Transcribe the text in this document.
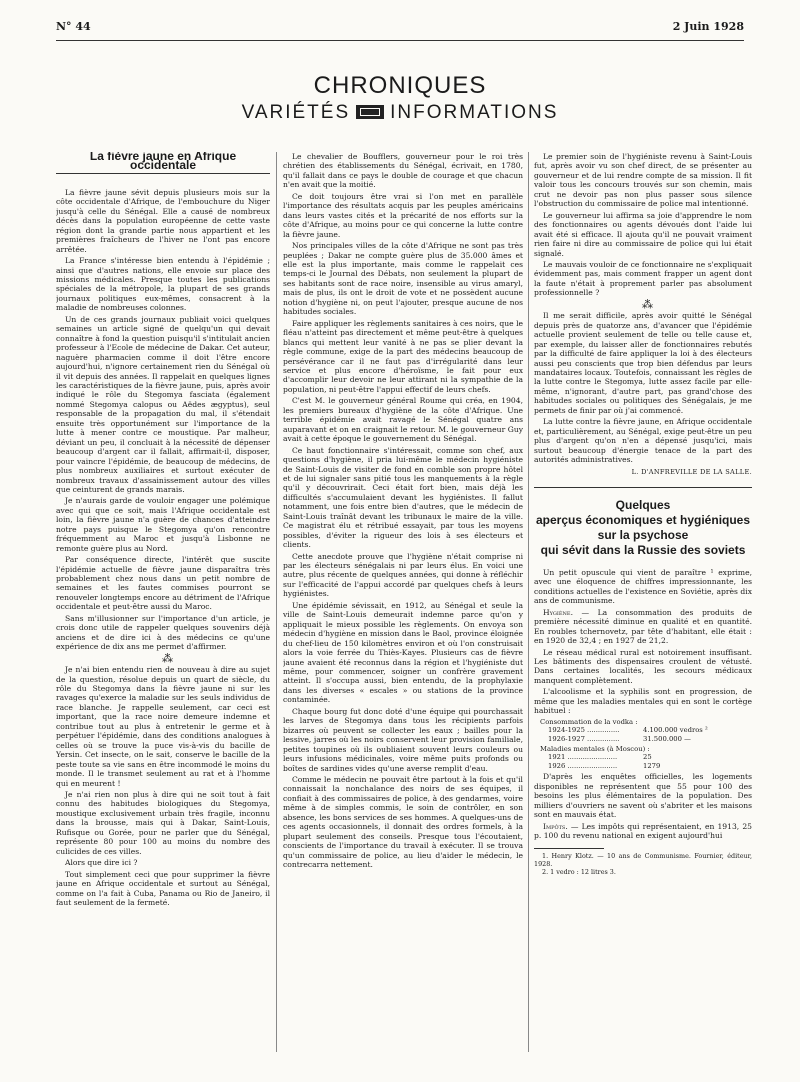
N° 44	2 Juin 1928
CHRONIQUES
VARIÉTÉS INFORMATIONS

La fièvre jaune en Afrique occidentale

La fièvre jaune sévit depuis plusieurs mois sur la côte occidentale d'Afrique, de l'embouchure du Niger jusqu'à celle du Sénégal. Elle a causé de nombreux décès dans la population européenne de cette vaste région dont la grande partie nous appartient et les premières fraîcheurs de l'hiver ne l'ont pas encore arrêtée.

La France s'intéresse bien entendu à l'épidémie ; ainsi que d'autres nations, elle envoie sur place des missions médicales. Presque toutes les publications spéciales de la métropole, la plupart de ses grands journaux politiques eux-mêmes, consacrent à la maladie de nombreuses colonnes.

Un de ces grands journaux publiait voici quelques semaines un article signé de quelqu'un qui devait connaître à fond la question puisqu'il s'intitulait ancien professeur à l'Ecole de médecine de Dakar. Cet auteur, naguère pharmacien comme il doit l'être encore aujourd'hui, n'ignore certainement rien du Sénégal où il vit depuis des années. Il rappelait en quelques lignes les caractéristiques de la fièvre jaune, puis, après avoir indiqué le rôle du Stegomya fasciata (également nommé Stegomya calopus ou Aëdes ægyptus), seul responsable de la propagation du mal, il s'étendait ensuite très opportunément sur l'importance de la lutte à mener contre ce moustique. Par malheur, déviant un peu, il concluait à la nécessité de dépenser beaucoup d'argent car il fallait, affirmait-il, disposer, pour vaincre l'épidémie, de beaucoup de médecins, de plus nombreux auxiliaires et surtout exécuter de nombreux travaux d'assainissement autour des villes que ceinturent de grands marais.

Je n'aurais garde de vouloir engager une polémique avec qui que ce soit, mais l'Afrique occidentale est loin, la fièvre jaune n'a guère de chances d'atteindre notre pays puisque le Stegomya qu'on rencontre fréquemment au Maroc et jusqu'à Lisbonne ne remonte guère plus au Nord.

Par conséquence directe, l'intérêt que suscite l'épidémie actuelle de fièvre jaune disparaîtra très probablement chez nous dans un petit nombre de semaines et les fautes commises pourront se renouveler longtemps encore au détriment de l'Afrique occidentale et peut-être aussi du Maroc.

Sans m'illusionner sur l'importance d'un article, je crois donc utile de rappeler quelques souvenirs déjà anciens et de dire ici à des médecins ce qu'une expérience de dix ans me permet d'affirmer.

⁂

Je n'ai bien entendu rien de nouveau à dire au sujet de la question, résolue depuis un quart de siècle, du rôle du Stegomya dans la fièvre jaune ni sur les ravages qu'exerce la maladie sur les seuls individus de race blanche. Je rappelle seulement, car ceci est important, que la race noire demeure indemne et contribue tout au plus à entretenir le germe et à perpétuer l'épidémie, dans des conditions analogues à celles où se trouve la puce vis-à-vis du bacille de Yersin. Cet insecte, on le sait, conserve le bacille de la peste toute sa vie sans en être incommodé le moins du monde. Il le transmet seulement au rat et à l'homme qui en meurent !

Je n'ai rien non plus à dire qui ne soit tout à fait connu des habitudes biologiques du Stegomya, moustique exclusivement urbain très fragile, inconnu dans la brousse, mais qui à Dakar, Saint-Louis, Rufisque ou Gorée, pour ne parler que du Sénégal, représente 80 pour 100 au moins du nombre des culicides de ces villes.

Alors que dire ici ?

Tout simplement ceci que pour supprimer la fièvre jaune en Afrique occidentale et surtout au Sénégal, comme on l'a fait à Cuba, Panama ou Rio de Janeiro, il faut seulement de la fermeté.

Le chevalier de Boufflers, gouverneur pour le roi très chrétien des établissements du Sénégal, écrivait, en 1780, qu'il fallait dans ce pays le double de courage et que chacun n'en avait que la moitié.

Ce doit toujours être vrai si l'on met en parallèle l'importance des résultats acquis par les peuples américains dans leurs vastes cités et la précarité de nos efforts sur la côte d'Afrique, au moins pour ce qui concerne la lutte contre la fièvre jaune.

Nos principales villes de la côte d'Afrique ne sont pas très peuplées ; Dakar ne compte guère plus de 35.000 âmes et elle est la plus importante, mais comme le rappelait ces temps-ci le Journal des Débats, non seulement la plupart de ses habitants sont de race noire, insensible au virus amaryl, mais de plus, ils ont le droit de vote et ne possèdent aucune notion d'hygiène ni, on peut l'ajouter, presque aucune de nos habitudes sociales.

Faire appliquer les règlements sanitaires à ces noirs, que le fléau n'atteint pas directement et même peut-être à quelques blancs qui mettent leur vanité à ne pas se plier devant la règle commune, exige de la part des médecins beaucoup de persévérance car il ne faut pas d'irrégularité dans leur service et plus encore d'héroïsme, le fait pour eux d'accomplir leur devoir ne leur attirant ni la sympathie de la population, ni peut-être l'appui effectif de leurs chefs.

C'est M. le gouverneur général Roume qui créa, en 1904, les premiers bureaux d'hygiène de la côte d'Afrique. Une terrible épidémie avait ravagé le Sénégal quatre ans auparavant et on en craignait le retour. M. le gouverneur Guy avait à cette époque le gouvernement du Sénégal.

Ce haut fonctionnaire s'intéressait, comme son chef, aux questions d'hygiène, il pria lui-même le médecin hygiéniste de Saint-Louis de visiter de fond en comble son propre hôtel et de lui signaler sans pitié tous les manquements à la règle qu'il y découvrirait. Ceci était fort bien, mais déjà les difficultés s'accumulaient devant les hygiénistes. Il fallut notamment, une fois entre bien d'autres, que le médecin de Saint-Louis traînât devant les tribunaux le maire de la ville. Ce magistrat élu et rétribué essayait, par tous les moyens possibles, d'éviter la rigueur des lois à ses électeurs et clients.

Cette anecdote prouve que l'hygiène n'était comprise ni par les électeurs sénégalais ni par leurs élus. En voici une autre, plus récente de quelques années, qui donne à réfléchir sur l'efficacité de l'appui accordé par quelques chefs à leurs hygiénistes.

Une épidémie sévissait, en 1912, au Sénégal et seule la ville de Saint-Louis demeurait indemne parce qu'on y appliquait le mieux possible les règlements. On envoya son médecin d'hygiène en mission dans le Baol, province éloignée du chef-lieu de 150 kilomètres environ et où l'on construisait alors la voie ferrée du Thiès-Kayes. Plusieurs cas de fièvre jaune avaient été reconnus dans la région et l'hygiéniste dut même, pour commencer, soigner un confrère gravement atteint. Il s'occupa aussi, bien entendu, de la prophylaxie dans les diverses « escales » ou stations de la province contaminée.

Chaque bourg fut donc doté d'une équipe qui pourchassait les larves de Stegomya dans tous les récipients parfois bizarres où peuvent se collecter les eaux ; bailles pour la lessive, jarres où les noirs conservent leur provision familiale, petites toupines où ils oubliaient souvent leurs couleurs ou leurs infusions médicinales, voire même puits profonds ou boîtes de sardines vides qu'une averse remplit d'eau.

Comme le médecin ne pouvait être partout à la fois et qu'il connaissait la nonchalance des noirs de ses équipes, il confiait à des commissaires de police, à des gendarmes, voire même à de simples commis, le soin de contrôler, en son absence, les bons services de ses hommes. A quelques-uns de ces agents occasionnels, il donnait des ordres formels, à la plupart seulement des conseils. Presque tous l'écoutaient, conscients de l'importance du travail à exécuter. Il se trouva qu'un commissaire de police, au lieu d'aider le médecin, le contrecarra nettement.

Le premier soin de l'hygiéniste revenu à Saint-Louis fut, après avoir vu son chef direct, de se présenter au gouverneur et de lui rendre compte de sa mission. Il fit valoir tous les concours trouvés sur son chemin, mais crut ne devoir pas non plus passer sous silence l'obstruction du commissaire de police mal intentionné.

Le gouverneur lui affirma sa joie d'apprendre le nom des fonctionnaires ou agents dévoués dont l'aide lui avait été si efficace. Il ajouta qu'il ne pouvait vraiment rien faire ni dire au commissaire de police qui lui était signalé.

Le mauvais vouloir de ce fonctionnaire ne s'expliquait évidemment pas, mais comment frapper un agent dont la faute n'était à proprement parler pas absolument professionnelle ?

⁂

Il me serait difficile, après avoir quitté le Sénégal depuis près de quatorze ans, d'avancer que l'épidémie actuelle provient seulement de telle ou telle cause et, par exemple, du laisser aller de fonctionnaires rebutés par la difficulté de faire appliquer la loi à des électeurs aussi peu conscients que trop bien défendus par leurs mandataires locaux. Toutefois, connaissant les règles de la lutte contre le Stegomya, lutte assez facile par elle-même, n'ignorant, d'autre part, pas grand'chose des habitudes sociales ou politiques des Sénégalais, je me permets de finir par où j'ai commencé.

La lutte contre la fièvre jaune, en Afrique occidentale et, particulièrement, au Sénégal, exige peut-être un peu plus d'argent qu'on n'en a dépensé jusqu'ici, mais surtout beaucoup d'énergie tenace de la part des autorités administratives.

L. D'ANFREVILLE DE LA SALLE.
Quelques
aperçus économiques et hygiéniques
sur la psychose
qui sévit dans la Russie des soviets

Un petit opuscule qui vient de paraître ¹ exprime, avec une éloquence de chiffres impressionnante, les conditions actuelles de l'existence en Soviétie, après dix ans de communisme.

Hygiène. — La consommation des produits de première nécessité diminue en qualité et en quantité. En roubles tchernovetz, par tête d'habitant, elle était : en 1920 de 32,4 ; en 1927 de 21,2.

Le réseau médical rural est notoirement insuffisant. Les bâtiments des dispensaires croulent de vétusté. Dans certaines localités, les secours médicaux manquent complètement.

L'alcoolisme et la syphilis sont en progression, de même que les maladies mentales qui en sont le cortège habituel :

Consommation de la vodka :
1924-1925 ...............	4.100.000 vedros ²
1926-1927 ...............	31.500.000 —
Maladies mentales (à Moscou) :
1921 .......................	25
1926 .......................	1279

D'après les enquêtes officielles, les logements disponibles ne représentent que 55 pour 100 des besoins les plus élémentaires de la population. Des milliers d'ouvriers ne savent où s'abriter et les maisons sont en mauvais état.

Impôts. — Les impôts qui représentaient, en 1913, 25 p. 100 du revenu national en exigent aujourd'hui

1. Henry Klotz. — 10 ans de Communisme. Fournier, éditeur, 1928.
2. 1 vedro : 12 litres 3.
